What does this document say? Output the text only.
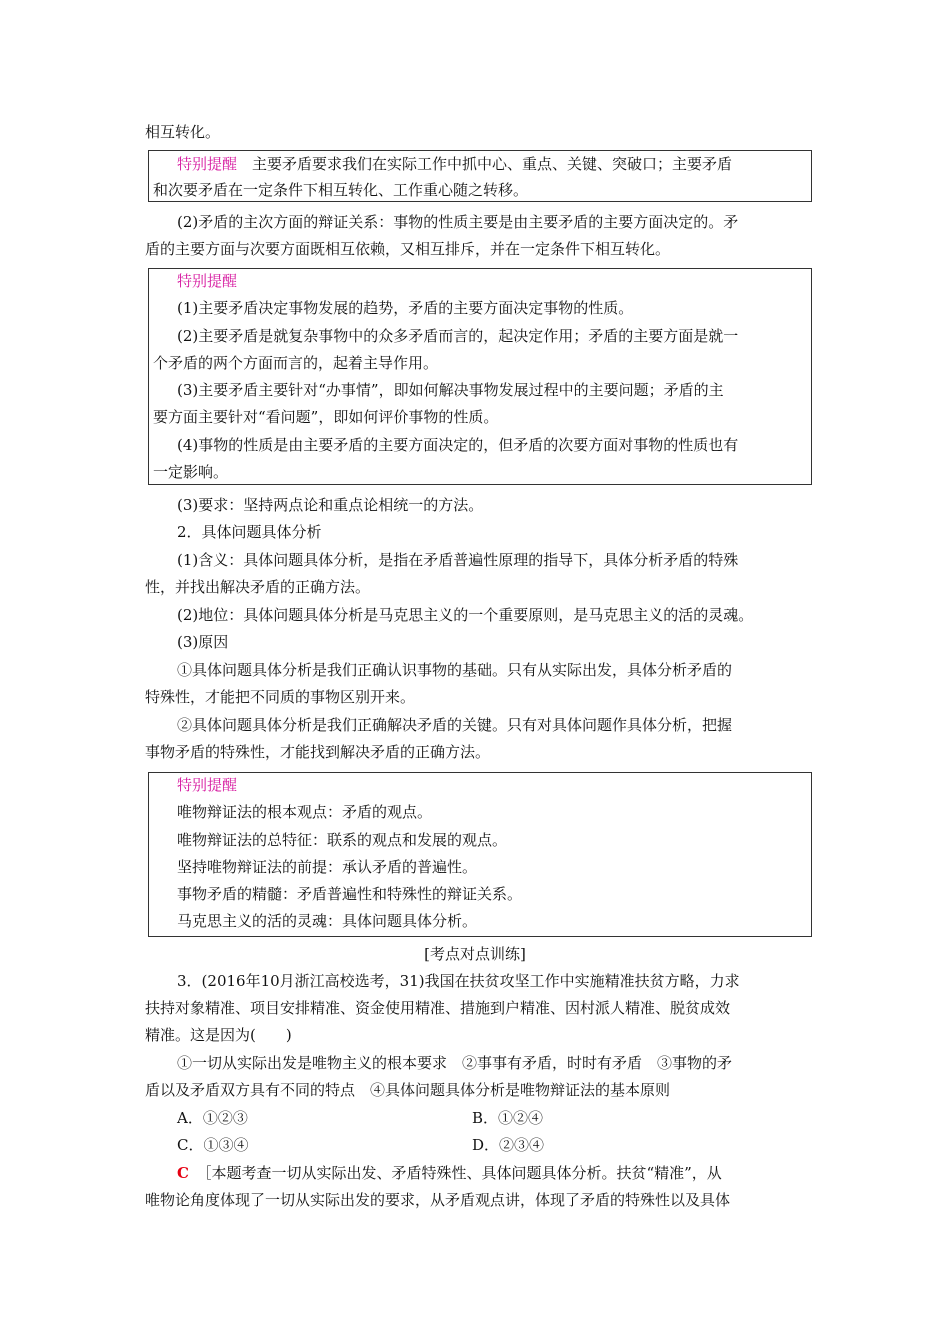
相互转化。
特别提醒　 主要矛盾要求我们在实际工作中抓中心、重点、关键、突破口；主要矛盾
和次要矛盾在一定条件下相互转化、工作重心随之转移。
(2)矛盾的主次方面的辩证关系：事物的性质主要是由主要矛盾的主要方面决定的。矛
盾的主要方面与次要方面既相互依赖，又相互排斥，并在一定条件下相互转化。
特别提醒
(1)主要矛盾决定事物发展的趋势，矛盾的主要方面决定事物的性质。
(2)主要矛盾是就复杂事物中的众多矛盾而言的，起决定作用；矛盾的主要方面是就一
个矛盾的两个方面而言的，起着主导作用。
(3)主要矛盾主要针对“办事情”，即如何解决事物发展过程中的主要问题；矛盾的主
要方面主要针对“看问题”，即如何评价事物的性质。
(4)事物的性质是由主要矛盾的主要方面决定的，但矛盾的次要方面对事物的性质也有
一定影响。
(3)要求：坚持两点论和重点论相统一的方法。
2．具体问题具体分析
(1)含义：具体问题具体分析，是指在矛盾普遍性原理的指导下，具体分析矛盾的特殊
性，并找出解决矛盾的正确方法。
(2)地位：具体问题具体分析是马克思主义的一个重要原则，是马克思主义的活的灵魂。
(3)原因
①具体问题具体分析是我们正确认识事物的基础。只有从实际出发，具体分析矛盾的
特殊性，才能把不同质的事物区别开来。
②具体问题具体分析是我们正确解决矛盾的关键。只有对具体问题作具体分析，把握
事物矛盾的特殊性，才能找到解决矛盾的正确方法。
特别提醒
唯物辩证法的根本观点：矛盾的观点。
唯物辩证法的总特征：联系的观点和发展的观点。
坚持唯物辩证法的前提：承认矛盾的普遍性。
事物矛盾的精髓：矛盾普遍性和特殊性的辩证关系。
马克思主义的活的灵魂：具体问题具体分析。
[考点对点训练]
3．(2016年10月浙江高校选考，31)我国在扶贫攻坚工作中实施精准扶贫方略，力求
扶持对象精准、项目安排精准、资金使用精准、措施到户精准、因村派人精准、脱贫成效
精准。这是因为(　　)
①一切从实际出发是唯物主义的根本要求　②事事有矛盾，时时有矛盾　③事物的矛
盾以及矛盾双方具有不同的特点　④具体问题具体分析是唯物辩证法的基本原则
A．①②③	B．①②④
C．①③④	D．②③④
C　 ［本题考查一切从实际出发、矛盾特殊性、具体问题具体分析。扶贫“精准”，从
唯物论角度体现了一切从实际出发的要求，从矛盾观点讲，体现了矛盾的特殊性以及具体
